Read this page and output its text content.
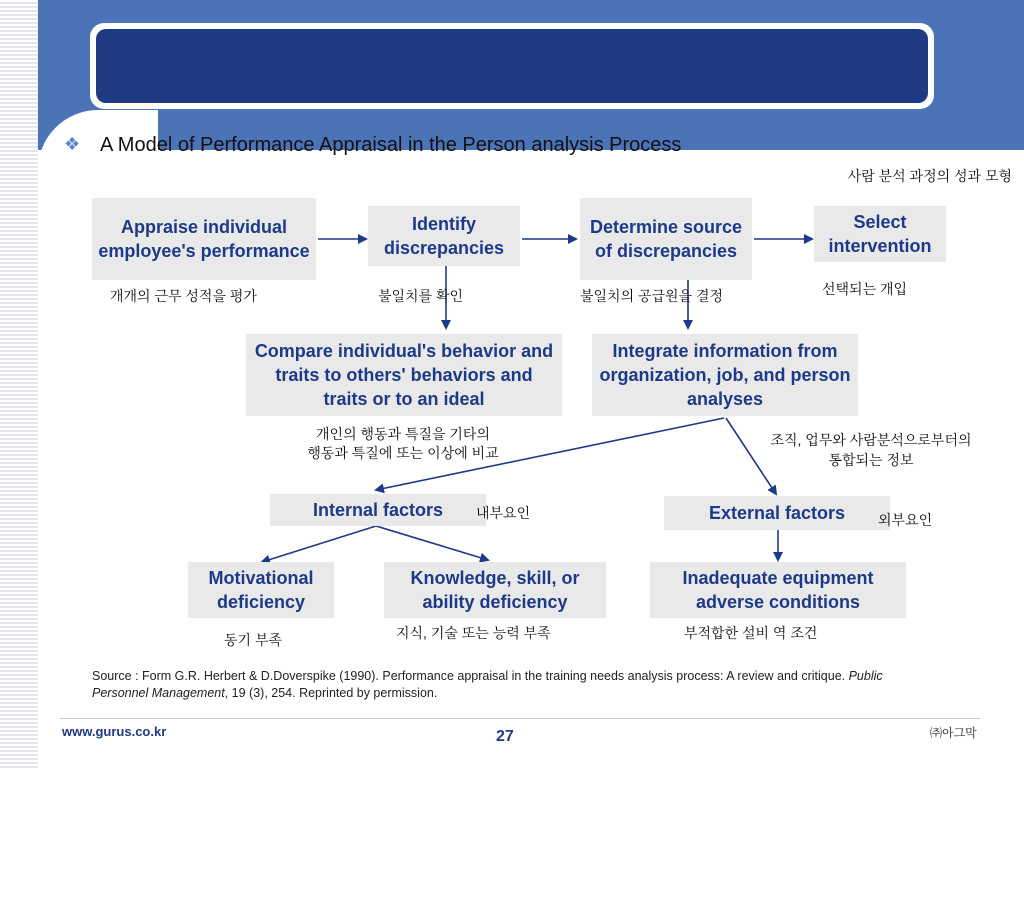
❖ A Model of Performance Appraisal in the Person analysis Process
사람 분석 과정의 성과 모형
Appraise individual employee's performance
Identify discrepancies
Determine source of discrepancies
Select intervention
개개의 근무 성적을 평가	불일치를 확인	불일치의 공급원을 결정	선택되는 개입
Compare individual's behavior and traits to others' behaviors and traits or to an ideal
Integrate information from organization, job, and person analyses
개인의 행동과 특질을 기타의
행동과 특질에 또는 이상에 비교
조직, 업무와 사람분석으로부터의
통합되는 정보
Internal factors	External factors
내부요인	외부요인
Motivational deficiency
Knowledge, skill, or ability deficiency
Inadequate equipment adverse conditions
동기 부족	지식, 기술 또는 능력 부족	부적합한 설비 역 조건
Source : Form G.R. Herbert & D.Doverspike (1990). Performance appraisal in the training needs analysis process: A review and critique. Public Personnel Management, 19 (3), 254. Reprinted by permission.
www.gurus.co.kr	27	㈜아그막
